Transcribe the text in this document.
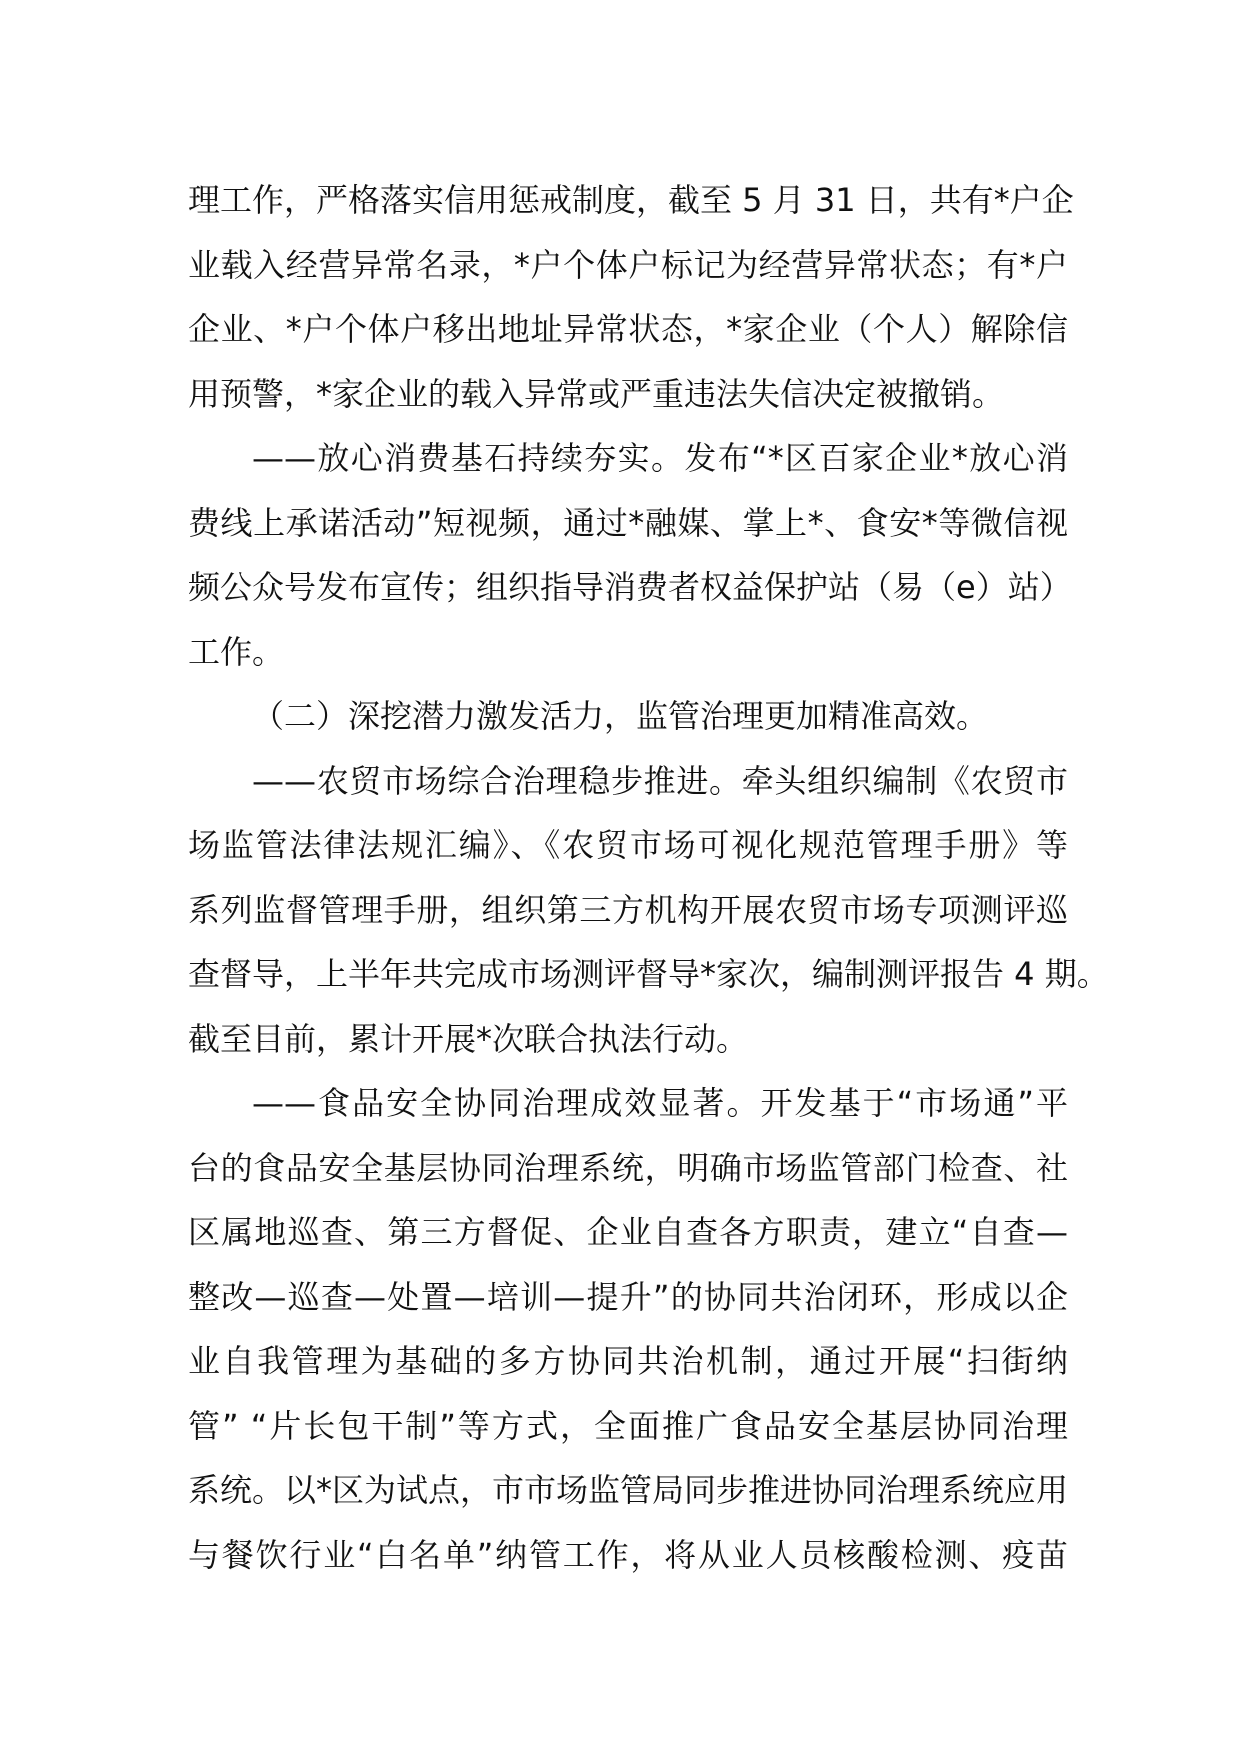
理工作，严格落实信用惩戒制度，截至 5 月 31 日，共有*户企
业载入经营异常名录，*户个体户标记为经营异常状态；有*户
企业、*户个体户移出地址异常状态，*家企业（个人）解除信
用预警，*家企业的载入异常或严重违法失信决定被撤销。
——放心消费基石持续夯实。发布“*区百家企业*放心消
费线上承诺活动”短视频，通过*融媒、掌上*、食安*等微信视
频公众号发布宣传；组织指导消费者权益保护站（易（e）站）
工作。
（二）深挖潜力激发活力，监管治理更加精准高效。
——农贸市场综合治理稳步推进。牵头组织编制《农贸市
场监管法律法规汇编》、《农贸市场可视化规范管理手册》等
系列监督管理手册，组织第三方机构开展农贸市场专项测评巡
查督导，上半年共完成市场测评督导*家次，编制测评报告 4 期。
截至目前，累计开展*次联合执法行动。
——食品安全协同治理成效显著。开发基于“市场通”平
台的食品安全基层协同治理系统，明确市场监管部门检查、社
区属地巡查、第三方督促、企业自查各方职责，建立“自查—
整改—巡查—处置—培训—提升”的协同共治闭环，形成以企
业自我管理为基础的多方协同共治机制，通过开展“扫街纳
管” “片长包干制”等方式，全面推广食品安全基层协同治理
系统。以*区为试点，市市场监管局同步推进协同治理系统应用
与餐饮行业“白名单”纳管工作，将从业人员核酸检测、疫苗
